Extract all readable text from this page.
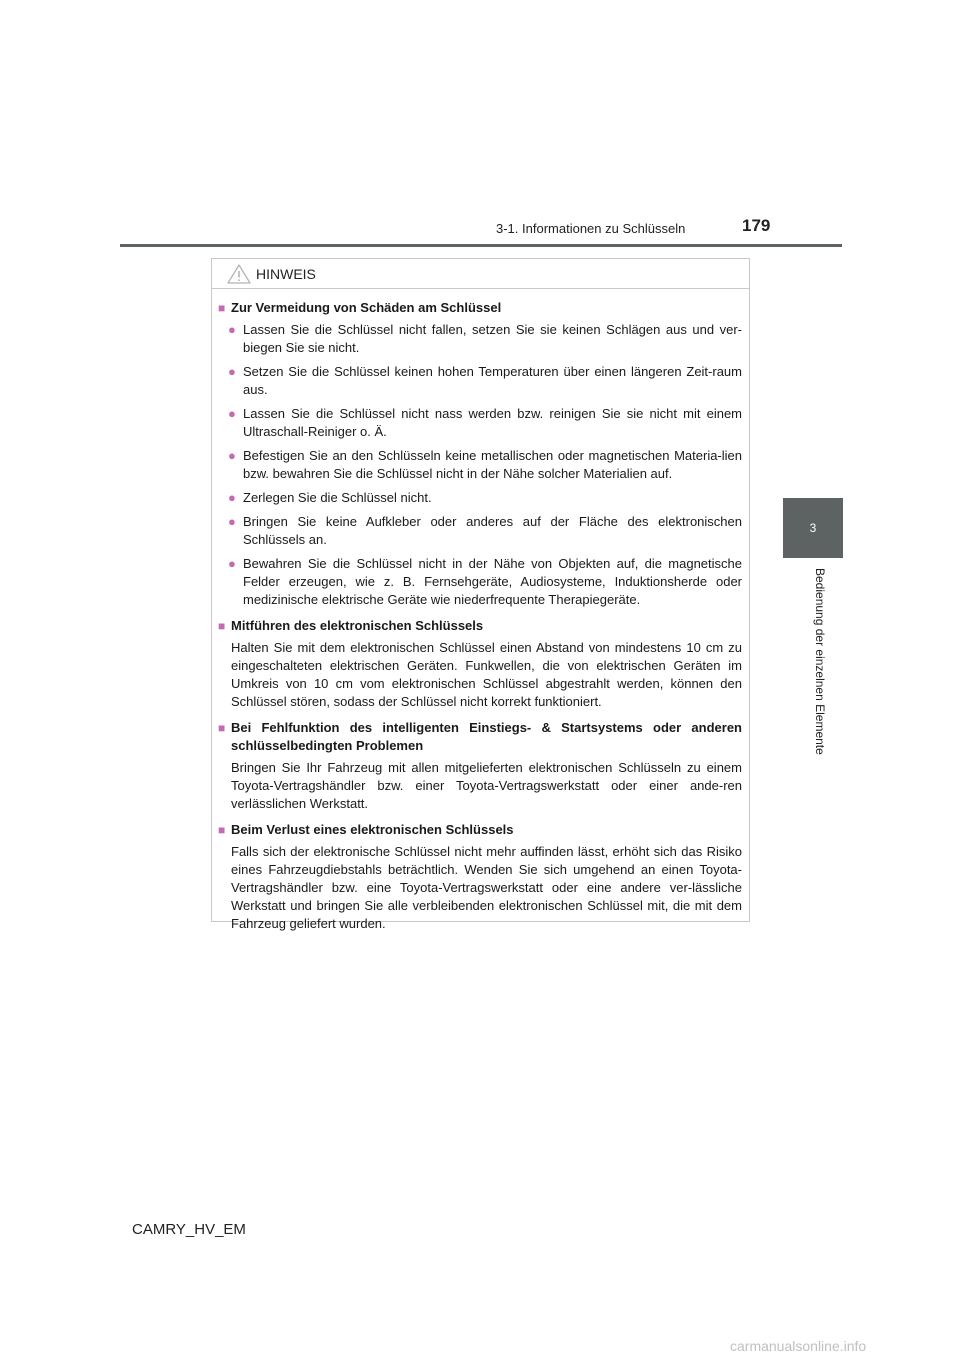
3-1. Informationen zu Schlüsseln	179
3
Bedienung der einzelnen Elemente
HINWEIS
■ Zur Vermeidung von Schäden am Schlüssel
● Lassen Sie die Schlüssel nicht fallen, setzen Sie sie keinen Schlägen aus und ver-biegen Sie sie nicht.
● Setzen Sie die Schlüssel keinen hohen Temperaturen über einen längeren Zeit-raum aus.
● Lassen Sie die Schlüssel nicht nass werden bzw. reinigen Sie sie nicht mit einem Ultraschall-Reiniger o. Ä.
● Befestigen Sie an den Schlüsseln keine metallischen oder magnetischen Materia-lien bzw. bewahren Sie die Schlüssel nicht in der Nähe solcher Materialien auf.
● Zerlegen Sie die Schlüssel nicht.
● Bringen Sie keine Aufkleber oder anderes auf der Fläche des elektronischen Schlüssels an.
● Bewahren Sie die Schlüssel nicht in der Nähe von Objekten auf, die magnetische Felder erzeugen, wie z. B. Fernsehgeräte, Audiosysteme, Induktionsherde oder medizinische elektrische Geräte wie niederfrequente Therapiegeräte.
■ Mitführen des elektronischen Schlüssels
Halten Sie mit dem elektronischen Schlüssel einen Abstand von mindestens 10 cm zu eingeschalteten elektrischen Geräten. Funkwellen, die von elektrischen Geräten im Umkreis von 10 cm vom elektronischen Schlüssel abgestrahlt werden, können den Schlüssel stören, sodass der Schlüssel nicht korrekt funktioniert.
■ Bei Fehlfunktion des intelligenten Einstiegs- & Startsystems oder anderen schlüsselbedingten Problemen
Bringen Sie Ihr Fahrzeug mit allen mitgelieferten elektronischen Schlüsseln zu einem Toyota-Vertragshändler bzw. einer Toyota-Vertragswerkstatt oder einer ande-ren verlässlichen Werkstatt.
■ Beim Verlust eines elektronischen Schlüssels
Falls sich der elektronische Schlüssel nicht mehr auffinden lässt, erhöht sich das Risiko eines Fahrzeugdiebstahls beträchtlich. Wenden Sie sich umgehend an einen Toyota-Vertragshändler bzw. eine Toyota-Vertragswerkstatt oder eine andere ver-lässliche Werkstatt und bringen Sie alle verbleibenden elektronischen Schlüssel mit, die mit dem Fahrzeug geliefert wurden.
CAMRY_HV_EM
carmanualsonline.info
